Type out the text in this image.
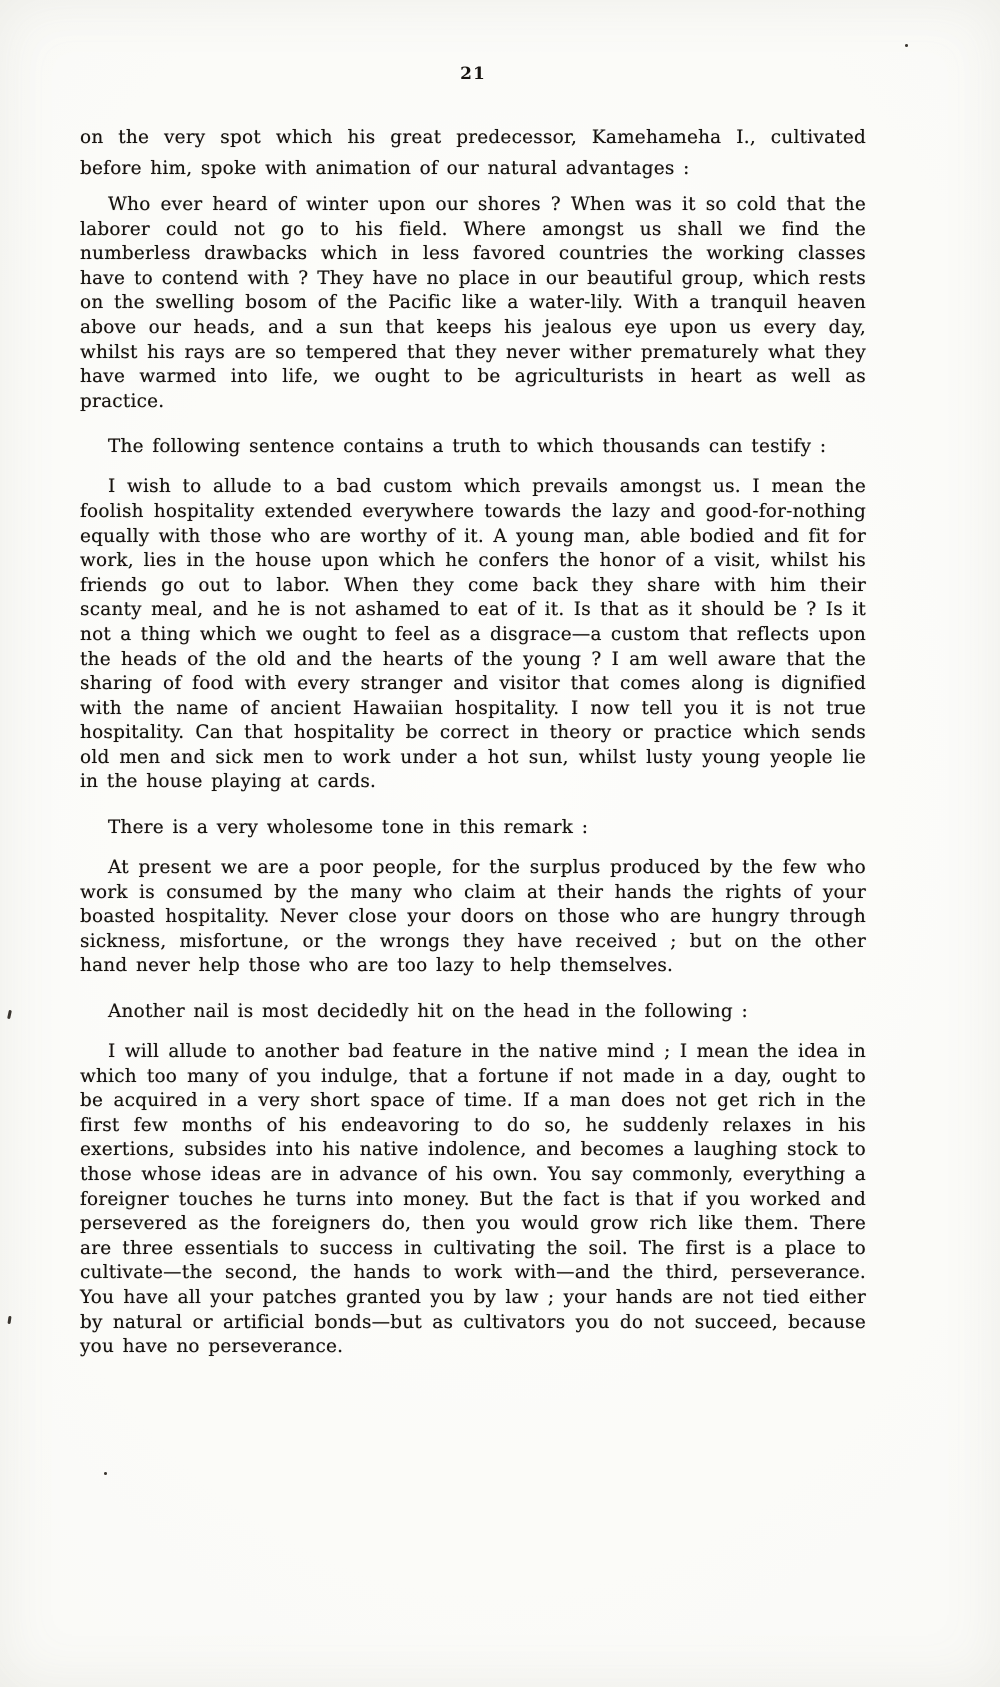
21

on the very spot which his great predecessor, Kamehameha I., cultivated before him, spoke with animation of our natural advantages :

Who ever heard of winter upon our shores ? When was it so cold that the laborer could not go to his field. Where amongst us shall we find the numberless drawbacks which in less favored countries the working classes have to contend with ? They have no place in our beautiful group, which rests on the swelling bosom of the Pacific like a water-lily. With a tranquil heaven above our heads, and a sun that keeps his jealous eye upon us every day, whilst his rays are so tempered that they never wither prematurely what they have warmed into life, we ought to be agriculturists in heart as well as practice.

The following sentence contains a truth to which thousands can testify :

I wish to allude to a bad custom which prevails amongst us. I mean the foolish hospitality extended everywhere towards the lazy and good-for-nothing equally with those who are worthy of it. A young man, able bodied and fit for work, lies in the house upon which he confers the honor of a visit, whilst his friends go out to labor. When they come back they share with him their scanty meal, and he is not ashamed to eat of it. Is that as it should be ? Is it not a thing which we ought to feel as a disgrace—a custom that reflects upon the heads of the old and the hearts of the young ? I am well aware that the sharing of food with every stranger and visitor that comes along is dignified with the name of ancient Hawaiian hospitality. I now tell you it is not true hospitality. Can that hospitality be correct in theory or practice which sends old men and sick men to work under a hot sun, whilst lusty young yeople lie in the house playing at cards.

There is a very wholesome tone in this remark :

At present we are a poor people, for the surplus produced by the few who work is consumed by the many who claim at their hands the rights of your boasted hospitality. Never close your doors on those who are hungry through sickness, misfortune, or the wrongs they have received ; but on the other hand never help those who are too lazy to help themselves.

Another nail is most decidedly hit on the head in the following :

I will allude to another bad feature in the native mind ; I mean the idea in which too many of you indulge, that a fortune if not made in a day, ought to be acquired in a very short space of time. If a man does not get rich in the first few months of his endeavoring to do so, he suddenly relaxes in his exertions, subsides into his native indolence, and becomes a laughing stock to those whose ideas are in advance of his own. You say commonly, everything a foreigner touches he turns into money. But the fact is that if you worked and persevered as the foreigners do, then you would grow rich like them. There are three essentials to success in cultivating the soil. The first is a place to cultivate—the second, the hands to work with—and the third, perseverance. You have all your patches granted you by law ; your hands are not tied either by natural or artificial bonds—but as cultivators you do not succeed, because you have no perseverance.
